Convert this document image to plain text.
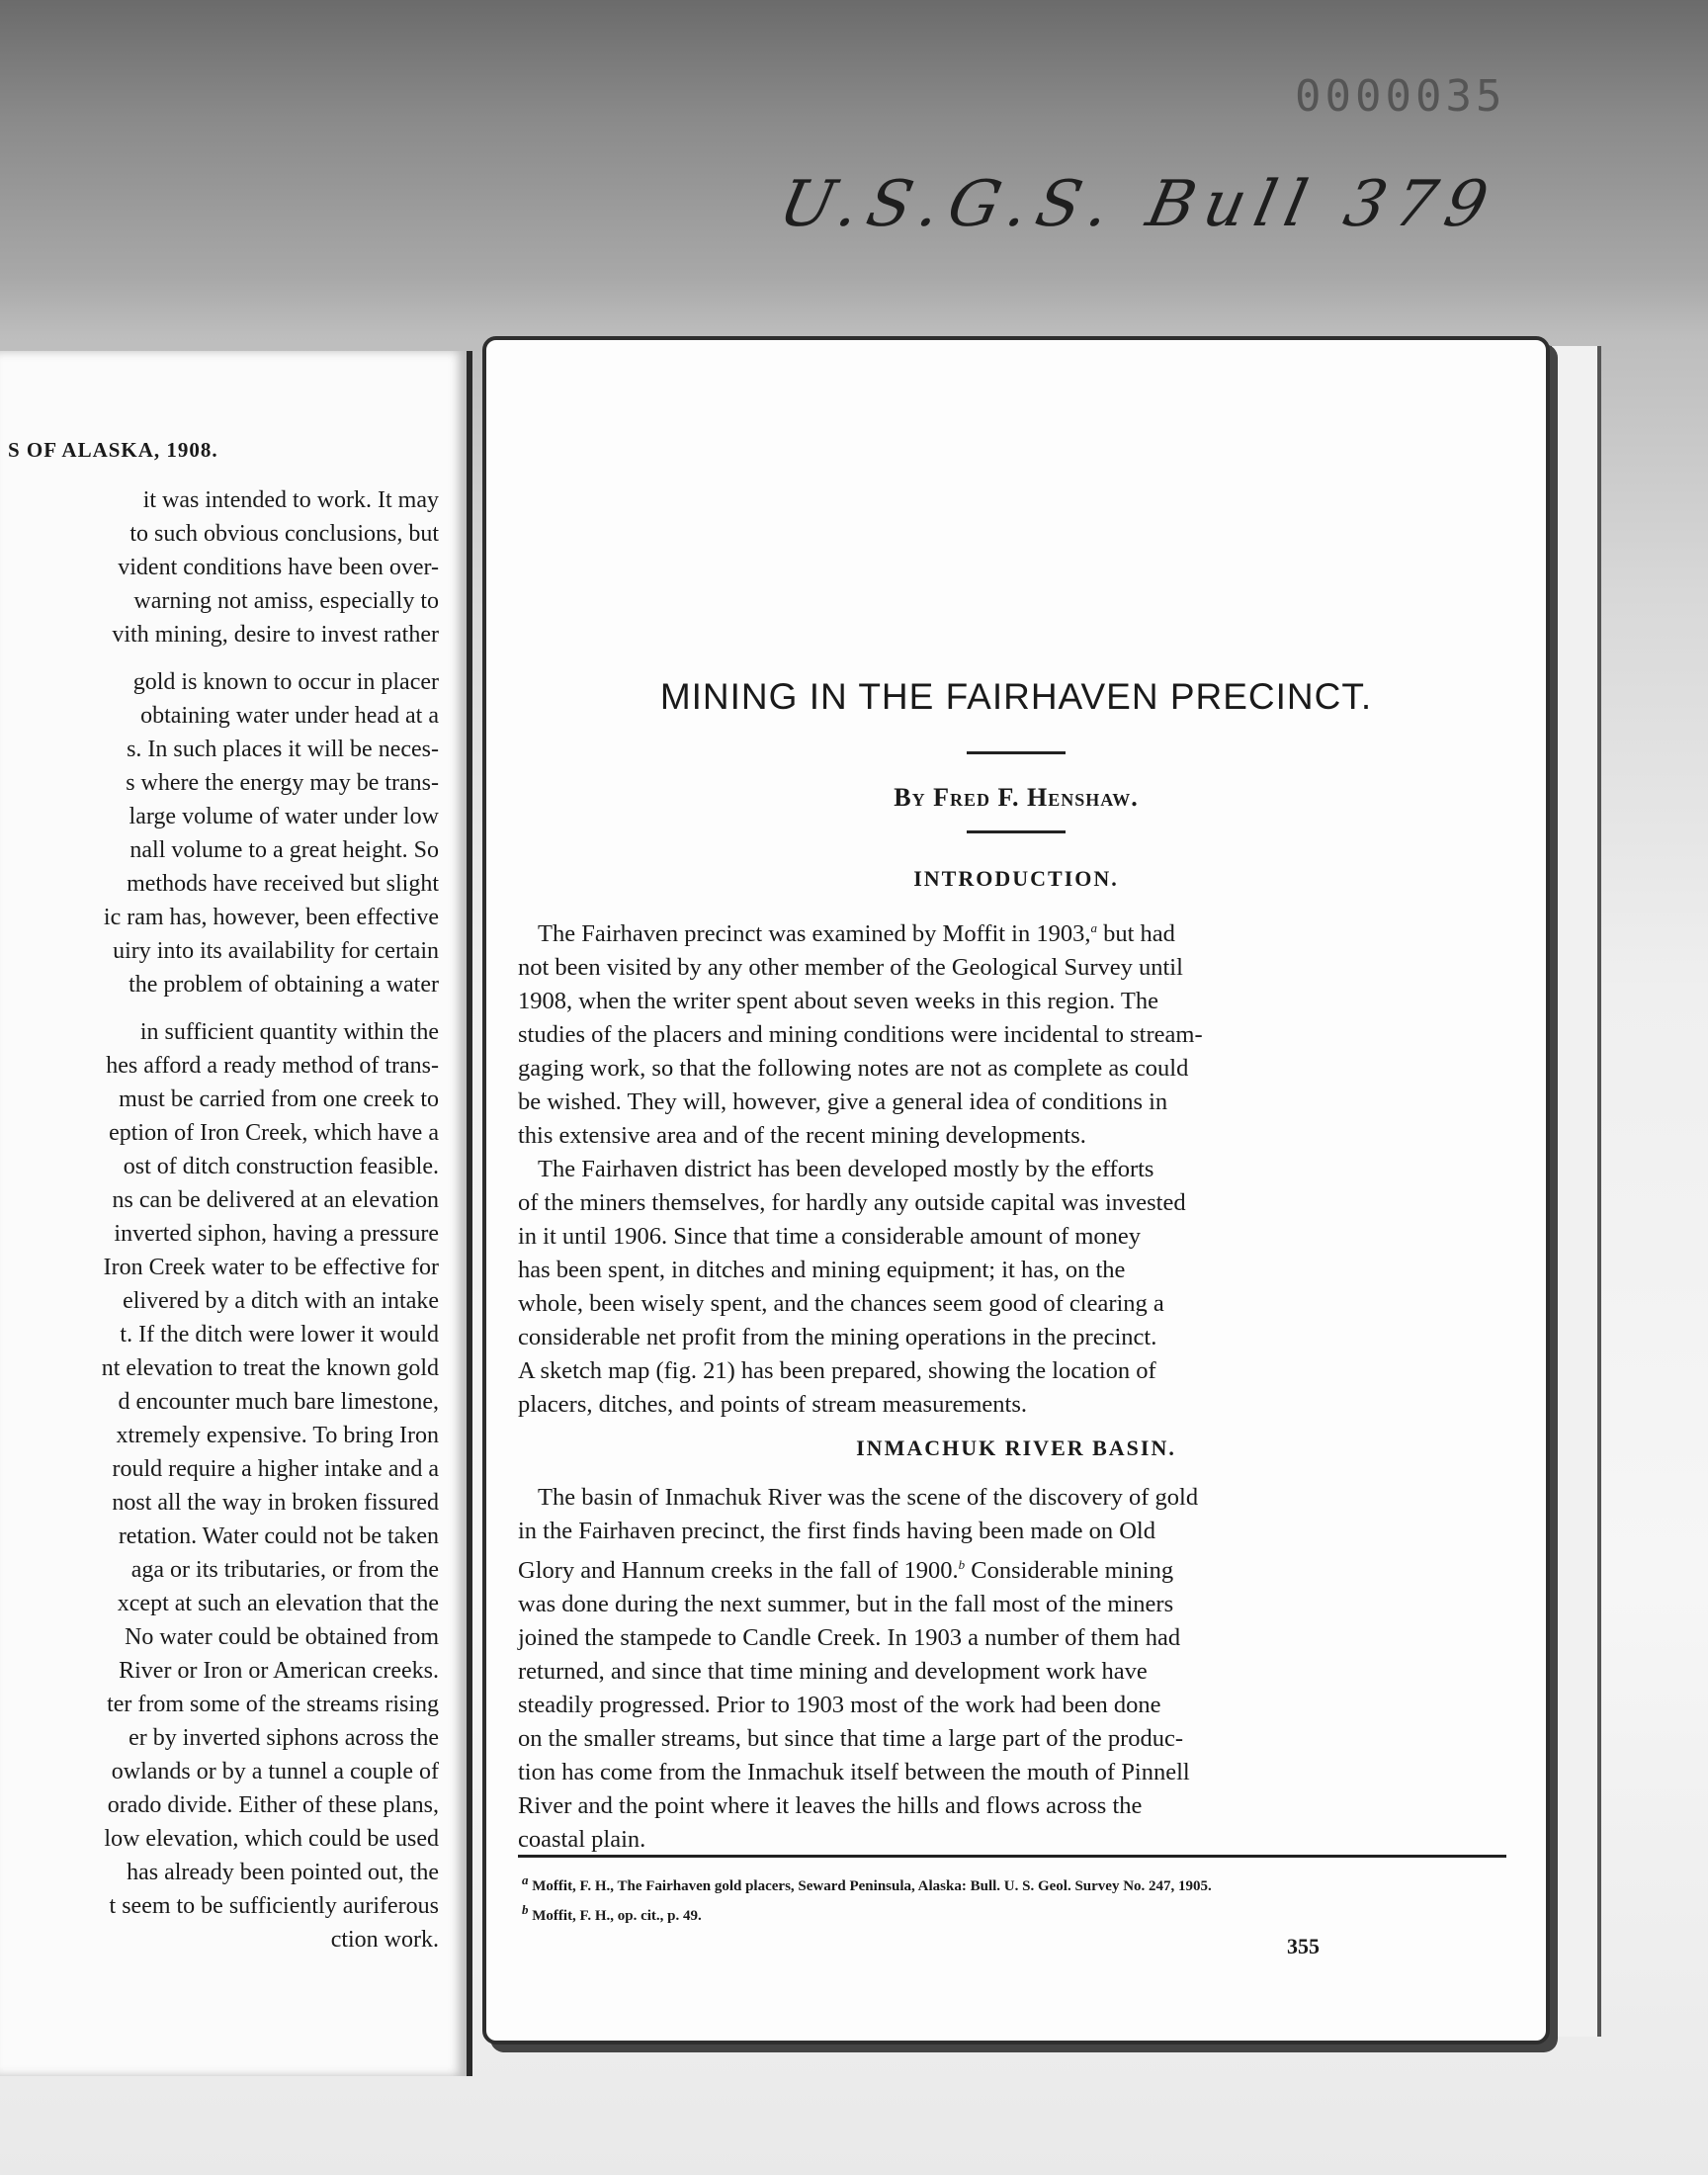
0000035
U.S.G.S. Bull 379
S OF ALASKA, 1908.
it was intended to work. It may
to such obvious conclusions, but
vident conditions have been over-
warning not amiss, especially to
vith mining, desire to invest rather
gold is known to occur in placer
obtaining water under head at a
s. In such places it will be neces-
s where the energy may be trans-
large volume of water under low
nall volume to a great height. So
methods have received but slight
ic ram has, however, been effective
uiry into its availability for certain
the problem of obtaining a water
in sufficient quantity within the
hes afford a ready method of trans-
must be carried from one creek to
eption of Iron Creek, which have a
ost of ditch construction feasible.
ns can be delivered at an elevation
inverted siphon, having a pressure
Iron Creek water to be effective for
elivered by a ditch with an intake
t. If the ditch were lower it would
nt elevation to treat the known gold
d encounter much bare limestone,
xtremely expensive. To bring Iron
rould require a higher intake and a
nost all the way in broken fissured
retation. Water could not be taken
aga or its tributaries, or from the
xcept at such an elevation that the
No water could be obtained from
River or Iron or American creeks.
ter from some of the streams rising
er by inverted siphons across the
owlands or by a tunnel a couple of
orado divide. Either of these plans,
low elevation, which could be used
has already been pointed out, the
t seem to be sufficiently auriferous
ction work.
MINING IN THE FAIRHAVEN PRECINCT.
By Fred F. Henshaw.
INTRODUCTION.
The Fairhaven precinct was examined by Moffit in 1903,$^a$ but had
not been visited by any other member of the Geological Survey until
1908, when the writer spent about seven weeks in this region. The
studies of the placers and mining conditions were incidental to stream-
gaging work, so that the following notes are not as complete as could
be wished. They will, however, give a general idea of conditions in
this extensive area and of the recent mining developments.
The Fairhaven district has been developed mostly by the efforts
of the miners themselves, for hardly any outside capital was invested
in it until 1906. Since that time a considerable amount of money
has been spent, in ditches and mining equipment; it has, on the
whole, been wisely spent, and the chances seem good of clearing a
considerable net profit from the mining operations in the precinct.
A sketch map (fig. 21) has been prepared, showing the location of
placers, ditches, and points of stream measurements.
INMACHUK RIVER BASIN.
The basin of Inmachuk River was the scene of the discovery of gold
in the Fairhaven precinct, the first finds having been made on Old
Glory and Hannum creeks in the fall of 1900.$^b$ Considerable mining
was done during the next summer, but in the fall most of the miners
joined the stampede to Candle Creek. In 1903 a number of them had
returned, and since that time mining and development work have
steadily progressed. Prior to 1903 most of the work had been done
on the smaller streams, but since that time a large part of the produc-
tion has come from the Inmachuk itself between the mouth of Pinnell
River and the point where it leaves the hills and flows across the
coastal plain.
$^a$ Moffit, F. H., The Fairhaven gold placers, Seward Peninsula, Alaska: Bull. U. S. Geol. Survey No. 247, 1905.
$^b$ Moffit, F. H., op. cit., p. 49.
355
